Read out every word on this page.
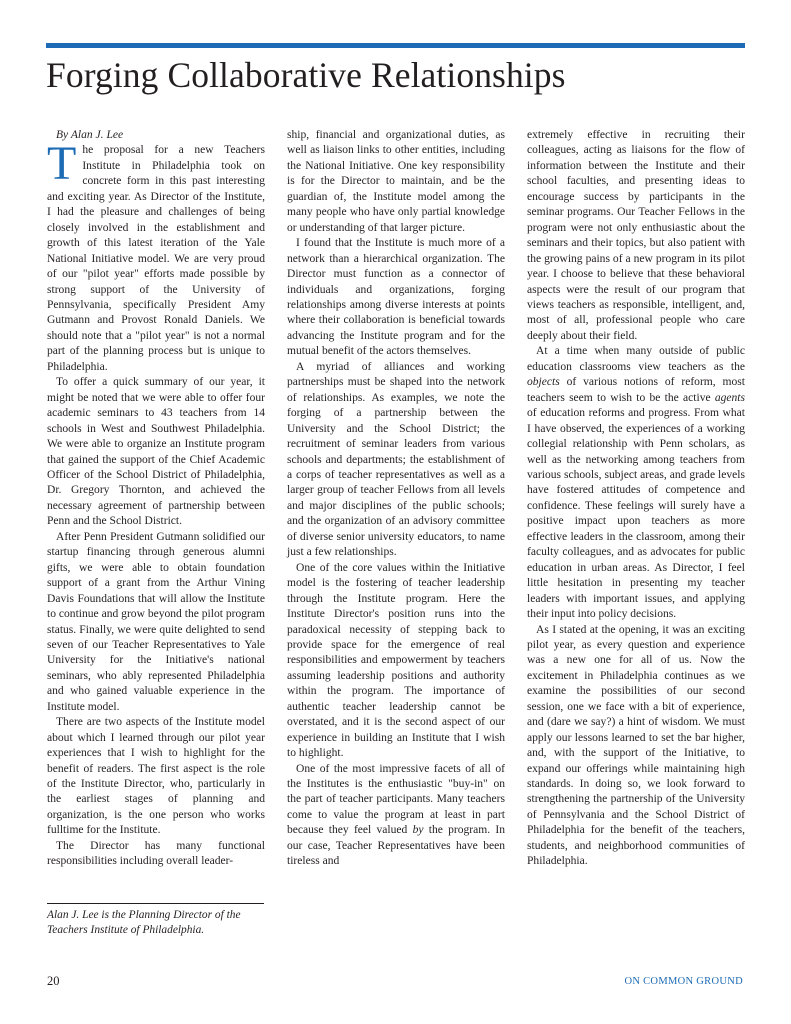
Forging Collaborative Relationships

By Alan J. Lee

The proposal for a new Teachers Institute in Philadelphia took on concrete form in this past interesting and exciting year. As Director of the Institute, I had the pleasure and challenges of being closely involved in the establishment and growth of this latest iteration of the Yale National Initiative model. We are very proud of our "pilot year" efforts made possible by strong support of the University of Pennsylvania, specifically President Amy Gutmann and Provost Ronald Daniels. We should note that a "pilot year" is not a normal part of the planning process but is unique to Philadelphia.

To offer a quick summary of our year, it might be noted that we were able to offer four academic seminars to 43 teachers from 14 schools in West and Southwest Philadelphia. We were able to organize an Institute program that gained the support of the Chief Academic Officer of the School District of Philadelphia, Dr. Gregory Thornton, and achieved the necessary agreement of partnership between Penn and the School District.

After Penn President Gutmann solidified our startup financing through generous alumni gifts, we were able to obtain foundation support of a grant from the Arthur Vining Davis Foundations that will allow the Institute to continue and grow beyond the pilot program status. Finally, we were quite delighted to send seven of our Teacher Representatives to Yale University for the Initiative's national seminars, who ably represented Philadelphia and who gained valuable experience in the Institute model.

There are two aspects of the Institute model about which I learned through our pilot year experiences that I wish to highlight for the benefit of readers. The first aspect is the role of the Institute Director, who, particularly in the earliest stages of planning and organization, is the one person who works fulltime for the Institute.

The Director has many functional responsibilities including overall leader-

Alan J. Lee is the Planning Director of the Teachers Institute of Philadelphia.

ship, financial and organizational duties, as well as liaison links to other entities, including the National Initiative. One key responsibility is for the Director to maintain, and be the guardian of, the Institute model among the many people who have only partial knowledge or understanding of that larger picture.

I found that the Institute is much more of a network than a hierarchical organization. The Director must function as a connector of individuals and organizations, forging relationships among diverse interests at points where their collaboration is beneficial towards advancing the Institute program and for the mutual benefit of the actors themselves.

A myriad of alliances and working partnerships must be shaped into the network of relationships. As examples, we note the forging of a partnership between the University and the School District; the recruitment of seminar leaders from various schools and departments; the establishment of a corps of teacher representatives as well as a larger group of teacher Fellows from all levels and major disciplines of the public schools; and the organization of an advisory committee of diverse senior university educators, to name just a few relationships.

One of the core values within the Initiative model is the fostering of teacher leadership through the Institute program. Here the Institute Director's position runs into the paradoxical necessity of stepping back to provide space for the emergence of real responsibilities and empowerment by teachers assuming leadership positions and authority within the program. The importance of authentic teacher leadership cannot be overstated, and it is the second aspect of our experience in building an Institute that I wish to highlight.

One of the most impressive facets of all of the Institutes is the enthusiastic "buy-in" on the part of teacher participants. Many teachers come to value the program at least in part because they feel valued by the program. In our case, Teacher Representatives have been tireless and

extremely effective in recruiting their colleagues, acting as liaisons for the flow of information between the Institute and their school faculties, and presenting ideas to encourage success by participants in the seminar programs. Our Teacher Fellows in the program were not only enthusiastic about the seminars and their topics, but also patient with the growing pains of a new program in its pilot year. I choose to believe that these behavioral aspects were the result of our program that views teachers as responsible, intelligent, and, most of all, professional people who care deeply about their field.

At a time when many outside of public education classrooms view teachers as the objects of various notions of reform, most teachers seem to wish to be the active agents of education reforms and progress. From what I have observed, the experiences of a working collegial relationship with Penn scholars, as well as the networking among teachers from various schools, subject areas, and grade levels have fostered attitudes of competence and confidence. These feelings will surely have a positive impact upon teachers as more effective leaders in the classroom, among their faculty colleagues, and as advocates for public education in urban areas. As Director, I feel little hesitation in presenting my teacher leaders with important issues, and applying their input into policy decisions.

As I stated at the opening, it was an exciting pilot year, as every question and experience was a new one for all of us. Now the excitement in Philadelphia continues as we examine the possibilities of our second session, one we face with a bit of experience, and (dare we say?) a hint of wisdom. We must apply our lessons learned to set the bar higher, and, with the support of the Initiative, to expand our offerings while maintaining high standards. In doing so, we look forward to strengthening the partnership of the University of Pennsylvania and the School District of Philadelphia for the benefit of the teachers, students, and neighborhood communities of Philadelphia.

20	ON COMMON GROUND
